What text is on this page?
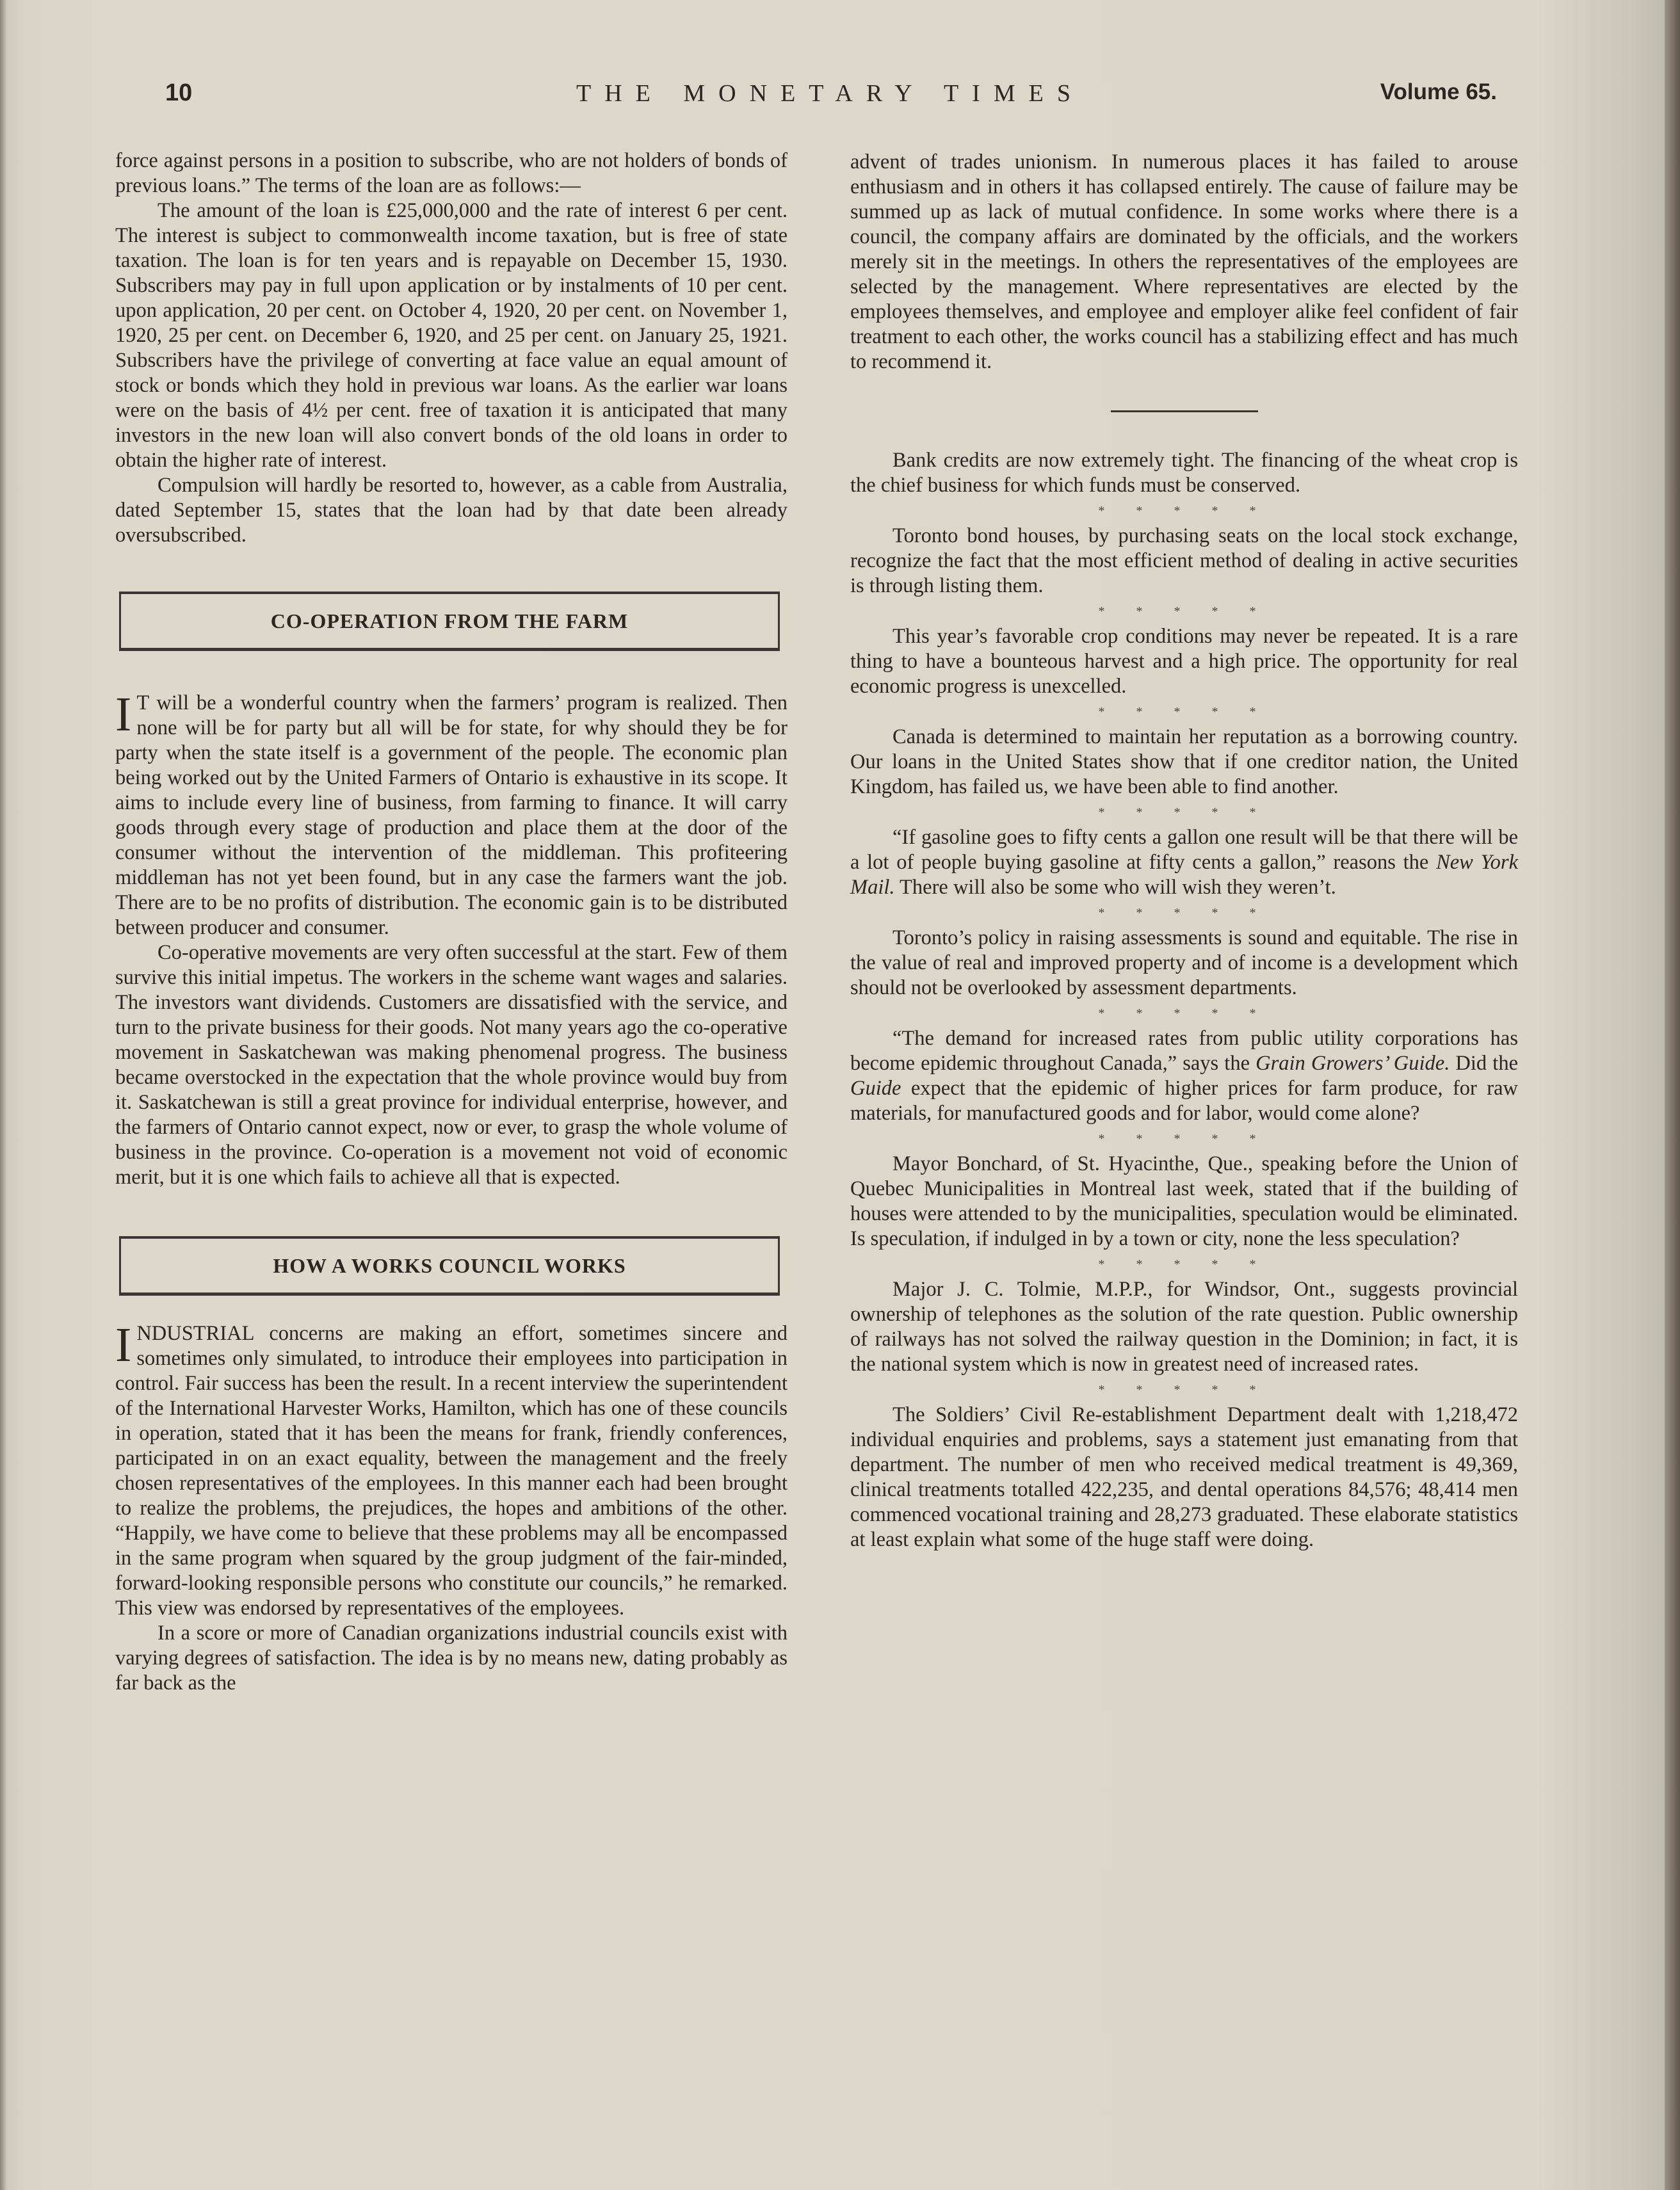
10	THE MONETARY TIMES	Volume 65.

force against persons in a position to subscribe, who are not holders of bonds of previous loans.” The terms of the loan are as follows:—

The amount of the loan is £25,000,000 and the rate of interest 6 per cent. The interest is subject to commonwealth income taxation, but is free of state taxation. The loan is for ten years and is repayable on December 15, 1930. Subscribers may pay in full upon application or by instalments of 10 per cent. upon application, 20 per cent. on October 4, 1920, 20 per cent. on November 1, 1920, 25 per cent. on December 6, 1920, and 25 per cent. on January 25, 1921. Subscribers have the privilege of converting at face value an equal amount of stock or bonds which they hold in previous war loans. As the earlier war loans were on the basis of 4½ per cent. free of taxation it is anticipated that many investors in the new loan will also convert bonds of the old loans in order to obtain the higher rate of interest.

Compulsion will hardly be resorted to, however, as a cable from Australia, dated September 15, states that the loan had by that date been already oversubscribed.

CO-OPERATION FROM THE FARM

IT will be a wonderful country when the farmers’ program is realized. Then none will be for party but all will be for state, for why should they be for party when the state itself is a government of the people. The economic plan being worked out by the United Farmers of Ontario is exhaustive in its scope. It aims to include every line of business, from farming to finance. It will carry goods through every stage of production and place them at the door of the consumer without the intervention of the middleman. This profiteering middleman has not yet been found, but in any case the farmers want the job. There are to be no profits of distribution. The economic gain is to be distributed between producer and consumer.

Co-operative movements are very often successful at the start. Few of them survive this initial impetus. The workers in the scheme want wages and salaries. The investors want dividends. Customers are dissatisfied with the service, and turn to the private business for their goods. Not many years ago the co-operative movement in Saskatchewan was making phenomenal progress. The business became overstocked in the expectation that the whole province would buy from it. Saskatchewan is still a great province for individual enterprise, however, and the farmers of Ontario cannot expect, now or ever, to grasp the whole volume of business in the province. Co-operation is a movement not void of economic merit, but it is one which fails to achieve all that is expected.

HOW A WORKS COUNCIL WORKS

INDUSTRIAL concerns are making an effort, sometimes sincere and sometimes only simulated, to introduce their employees into participation in control. Fair success has been the result. In a recent interview the superintendent of the International Harvester Works, Hamilton, which has one of these councils in operation, stated that it has been the means for frank, friendly conferences, participated in on an exact equality, between the management and the freely chosen representatives of the employees. In this manner each had been brought to realize the problems, the prejudices, the hopes and ambitions of the other. “Happily, we have come to believe that these problems may all be encompassed in the same program when squared by the group judgment of the fair-minded, forward-looking responsible persons who constitute our councils,” he remarked. This view was endorsed by representatives of the employees.

In a score or more of Canadian organizations industrial councils exist with varying degrees of satisfaction. The idea is by no means new, dating probably as far back as the

advent of trades unionism. In numerous places it has failed to arouse enthusiasm and in others it has collapsed entirely. The cause of failure may be summed up as lack of mutual confidence. In some works where there is a council, the company affairs are dominated by the officials, and the workers merely sit in the meetings. In others the representatives of the employees are selected by the management. Where representatives are elected by the employees themselves, and employee and employer alike feel confident of fair treatment to each other, the works council has a stabilizing effect and has much to recommend it.

Bank credits are now extremely tight. The financing of the wheat crop is the chief business for which funds must be conserved.

* * * * *

Toronto bond houses, by purchasing seats on the local stock exchange, recognize the fact that the most efficient method of dealing in active securities is through listing them.

* * * * *

This year’s favorable crop conditions may never be repeated. It is a rare thing to have a bounteous harvest and a high price. The opportunity for real economic progress is unexcelled.

* * * * *

Canada is determined to maintain her reputation as a borrowing country. Our loans in the United States show that if one creditor nation, the United Kingdom, has failed us, we have been able to find another.

* * * * *

“If gasoline goes to fifty cents a gallon one result will be that there will be a lot of people buying gasoline at fifty cents a gallon,” reasons the New York Mail. There will also be some who will wish they weren’t.

* * * * *

Toronto’s policy in raising assessments is sound and equitable. The rise in the value of real and improved property and of income is a development which should not be overlooked by assessment departments.

* * * * *

“The demand for increased rates from public utility corporations has become epidemic throughout Canada,” says the Grain Growers’ Guide. Did the Guide expect that the epidemic of higher prices for farm produce, for raw materials, for manufactured goods and for labor, would come alone?

* * * * *

Mayor Bonchard, of St. Hyacinthe, Que., speaking before the Union of Quebec Municipalities in Montreal last week, stated that if the building of houses were attended to by the municipalities, speculation would be eliminated. Is speculation, if indulged in by a town or city, none the less speculation?

* * * * *

Major J. C. Tolmie, M.P.P., for Windsor, Ont., suggests provincial ownership of telephones as the solution of the rate question. Public ownership of railways has not solved the railway question in the Dominion; in fact, it is the national system which is now in greatest need of increased rates.

* * * * *

The Soldiers’ Civil Re-establishment Department dealt with 1,218,472 individual enquiries and problems, says a statement just emanating from that department. The number of men who received medical treatment is 49,369, clinical treatments totalled 422,235, and dental operations 84,576; 48,414 men commenced vocational training and 28,273 graduated. These elaborate statistics at least explain what some of the huge staff were doing.
